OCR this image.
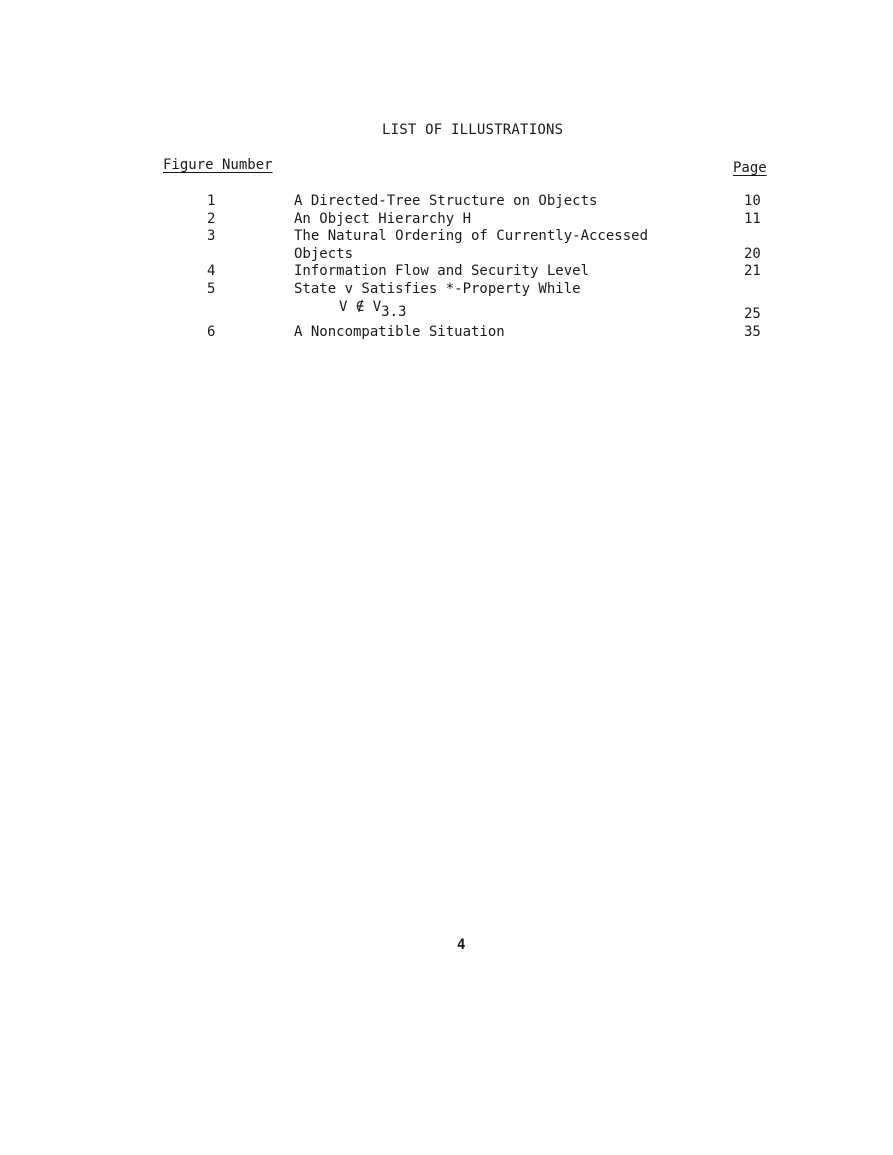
LIST OF ILLUSTRATIONS
Figure Number	Page
1	A Directed-Tree Structure on Objects	10
2	An Object Hierarchy H	11
3	The Natural Ordering of Currently-Accessed
Objects	20
4	Information Flow and Security Level	21
5	State v Satisfies *-Property While
V ∉ V3.3	25
6	A Noncompatible Situation	35
4
